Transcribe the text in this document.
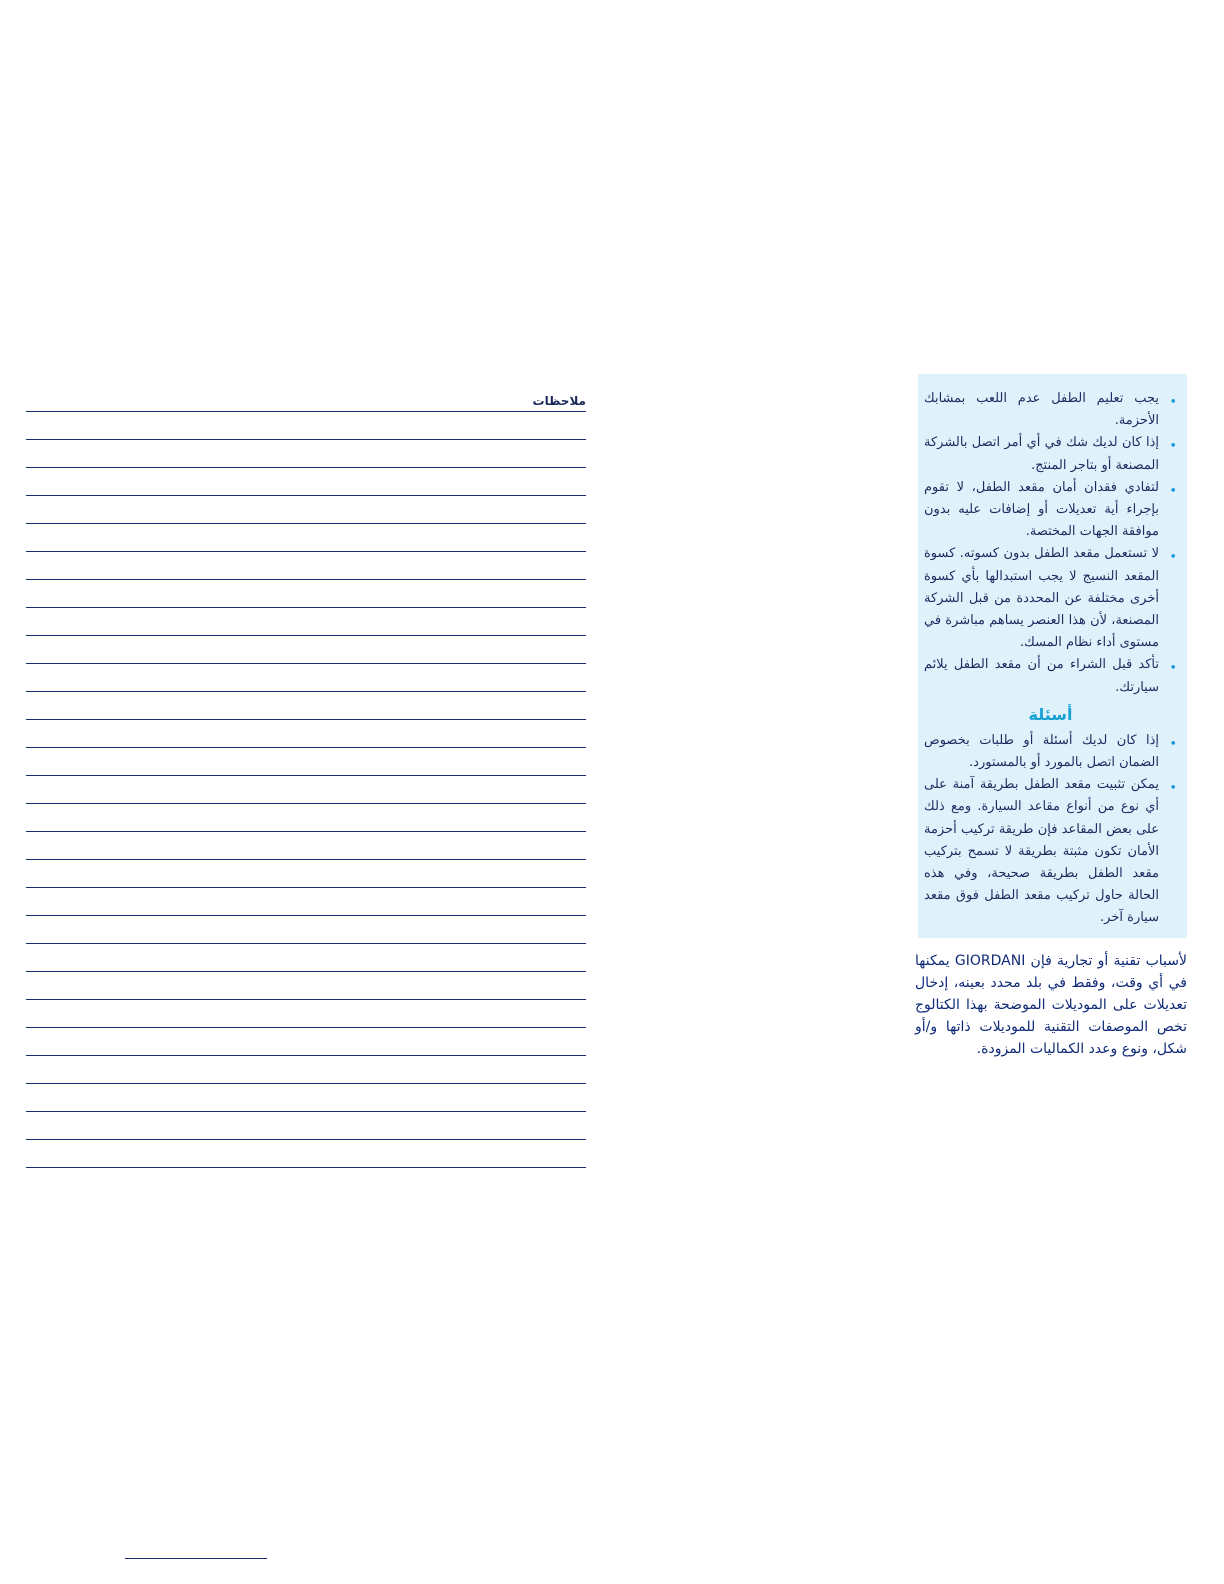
ملاحظات	•
يجب تعليم الطفل عدم اللعب بمشابك الأحزمة.
•
إذا كان لديك شك في أي أمر اتصل بالشركة المصنعة أو بتاجر المنتج.
•
لتفادي فقدان أمان مقعد الطفل، لا تقوم بإجراء أية تعديلات أو إضافات عليه بدون موافقة الجهات المختصة.
•
لا تستعمل مقعد الطفل بدون كسوته. كسوة المقعد النسيج لا يجب استبدالها بأي كسوة أخرى مختلفة عن المحددة من قبل الشركة المصنعة، لأن هذا العنصر يساهم مباشرة في مستوى أداء نظام المسك.
•
تأكد قبل الشراء من أن مقعد الطفل يلائم سيارتك.
أسئلة
•
إذا كان لديك أسئلة أو طلبات بخصوص الضمان اتصل بالمورد أو بالمستورد.
•
يمكن تثبيت مقعد الطفل بطريقة آمنة على أي نوع من أنواع مقاعد السيارة. ومع ذلك على بعض المقاعد فإن طريقة تركيب أحزمة الأمان تكون مثبتة بطريقة لا تسمح بتركيب مقعد الطفل بطريقة صحيحة، وفي هذه الحالة حاول تركيب مقعد الطفل فوق مقعد سيارة آخر.
لأسباب تقنية أو تجارية فإن GIORDANI يمكنها في أي وقت، وفقط في بلد محدد بعينه، إدخال تعديلات على الموديلات الموضحة بهذا الكتالوج تخص الموصفات التقنية للموديلات ذاتها و/أو شكل، ونوع وعدد الكماليات المزودة.
